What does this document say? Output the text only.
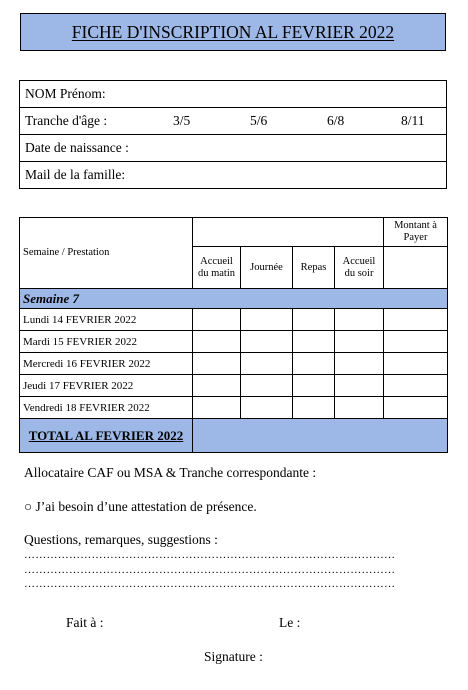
FICHE D'INSCRIPTION AL FEVRIER 2022
NOM Prénom:

Tranche d'âge :	3/5	5/6	6/8	8/11

Date de naissance :
Mail de la famille:
Semaine / Prestation					Montant à Payer
	Accueil du matin	Journée	Repas	Accueil du soir	
Semaine 7					
Lundi 14 FEVRIER 2022					
Mardi 15 FEVRIER 2022					
Mercredi 16 FEVRIER 2022					
Jeudi 17 FEVRIER 2022					
Vendredi 18 FEVRIER 2022					
TOTAL AL FEVRIER 2022					
Allocataire CAF ou MSA & Tranche correspondante :
○ J’ai besoin d’une attestation de présence.
Questions, remarques, suggestions :
………………………………………………………………………………………
………………………………………………………………………………………
………………………………………………………………………………………
Fait à :	Le :
Signature :
